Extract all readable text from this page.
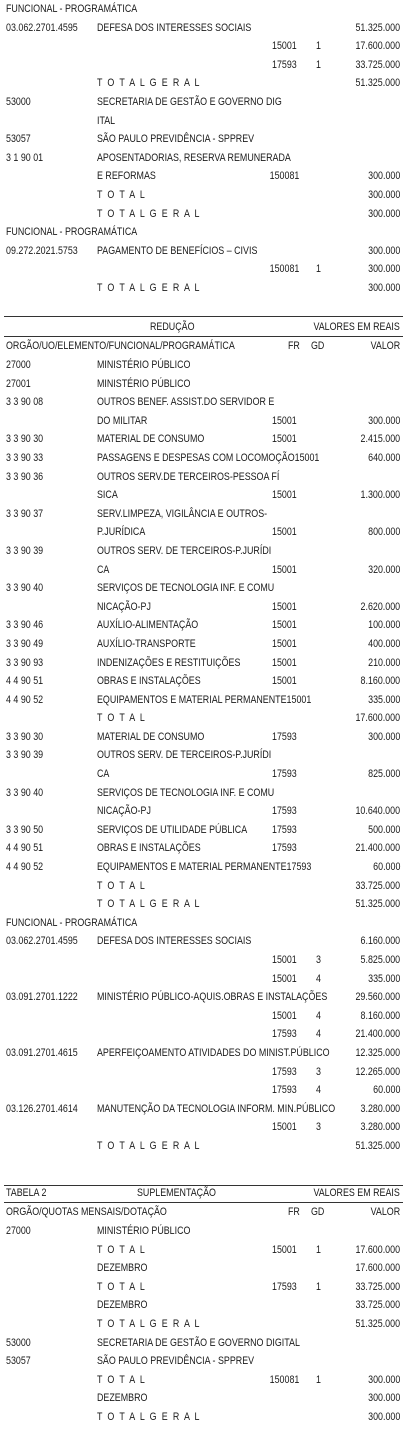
FUNCIONAL - PROGRAMÁTICA
03.062.2701.4595 DEFESA DOS INTERESSES SOCIAIS	51.325.000
15001 1	17.600.000
17593 1	33.725.000
T O T A L G E R A L	51.325.000
53000	SECRETARIA DE GESTÃO E GOVERNO DIG
ITAL
53057	SÃO PAULO PREVIDÊNCIA - SPPREV
3 1 90 01	APOSENTADORIAS, RESERVA REMUNERADA
E REFORMAS	150081	300.000
T O T A L	300.000
T O T A L G E R A L	300.000
FUNCIONAL - PROGRAMÁTICA
09.272.2021.5753 PAGAMENTO DE BENEFÍCIOS – CIVIS	300.000
150081 1	300.000
T O T A L G E R A L	300.000
REDUÇÃO	VALORES EM REAIS
ORGÃO/UO/ELEMENTO/FUNCIONAL/PROGRAMÁTICA	FR GD	VALOR
27000	MINISTÉRIO PÚBLICO
27001	MINISTÉRIO PÚBLICO
3 3 90 08	OUTROS BENEF. ASSIST.DO SERVIDOR E
DO MILITAR	15001	300.000
3 3 90 30	MATERIAL DE CONSUMO	15001	2.415.000
3 3 90 33	PASSAGENS E DESPESAS COM LOCOMOÇÃO15001	640.000
3 3 90 36	OUTROS SERV.DE TERCEIROS-PESSOA FÍ
SICA	15001	1.300.000
3 3 90 37	SERV.LIMPEZA, VIGILÂNCIA E OUTROS-
P.JURÍDICA	15001	800.000
3 3 90 39	OUTROS SERV. DE TERCEIROS-P.JURÍDI
CA	15001	320.000
3 3 90 40	SERVIÇOS DE TECNOLOGIA INF. E COMU
NICAÇÃO-PJ	15001	2.620.000
3 3 90 46	AUXÍLIO-ALIMENTAÇÃO	15001	100.000
3 3 90 49	AUXÍLIO-TRANSPORTE	15001	400.000
3 3 90 93	INDENIZAÇÕES E RESTITUIÇÕES	15001	210.000
4 4 90 51	OBRAS E INSTALAÇÕES	15001	8.160.000
4 4 90 52	EQUIPAMENTOS E MATERIAL PERMANENTE15001	335.000
T O T A L	17.600.000
3 3 90 30	MATERIAL DE CONSUMO	17593	300.000
3 3 90 39	OUTROS SERV. DE TERCEIROS-P.JURÍDI
CA	17593	825.000
3 3 90 40	SERVIÇOS DE TECNOLOGIA INF. E COMU
NICAÇÃO-PJ	17593	10.640.000
3 3 90 50	SERVIÇOS DE UTILIDADE PÚBLICA 17593	500.000
4 4 90 51	OBRAS E INSTALAÇÕES	17593	21.400.000
4 4 90 52	EQUIPAMENTOS E MATERIAL PERMANENTE17593	60.000
T O T A L	33.725.000
T O T A L G E R A L	51.325.000
FUNCIONAL - PROGRAMÁTICA
03.062.2701.4595 DEFESA DOS INTERESSES SOCIAIS	6.160.000
15001 3	5.825.000
15001 4	335.000
03.091.2701.1222 MINISTÉRIO PÚBLICO-AQUIS.OBRAS E INSTALAÇÕES	29.560.000
15001 4	8.160.000
17593 4	21.400.000
03.091.2701.4615 APERFEIÇOAMENTO ATIVIDADES DO MINIST.PÚBLICO 12.325.000
17593 3	12.265.000
17593 4	60.000
03.126.2701.4614 MANUTENÇÃO DA TECNOLOGIA INFORM. MIN.PÚBLICO 3.280.000
15001 3	3.280.000
T O T A L G E R A L	51.325.000
TABELA 2	SUPLEMENTAÇÃO	VALORES EM REAIS
ORGÃO/QUOTAS MENSAIS/DOTAÇÃO	FR GD	VALOR
27000	MINISTÉRIO PÚBLICO
T O T A L	15001 1	17.600.000
DEZEMBRO	17.600.000
T O T A L	17593 1	33.725.000
DEZEMBRO	33.725.000
T O T A L G E R A L	51.325.000
53000	SECRETARIA DE GESTÃO E GOVERNO DIGITAL
53057	SÃO PAULO PREVIDÊNCIA - SPPREV
T O T A L	150081 1	300.000
DEZEMBRO	300.000
T O T A L G E R A L	300.000
